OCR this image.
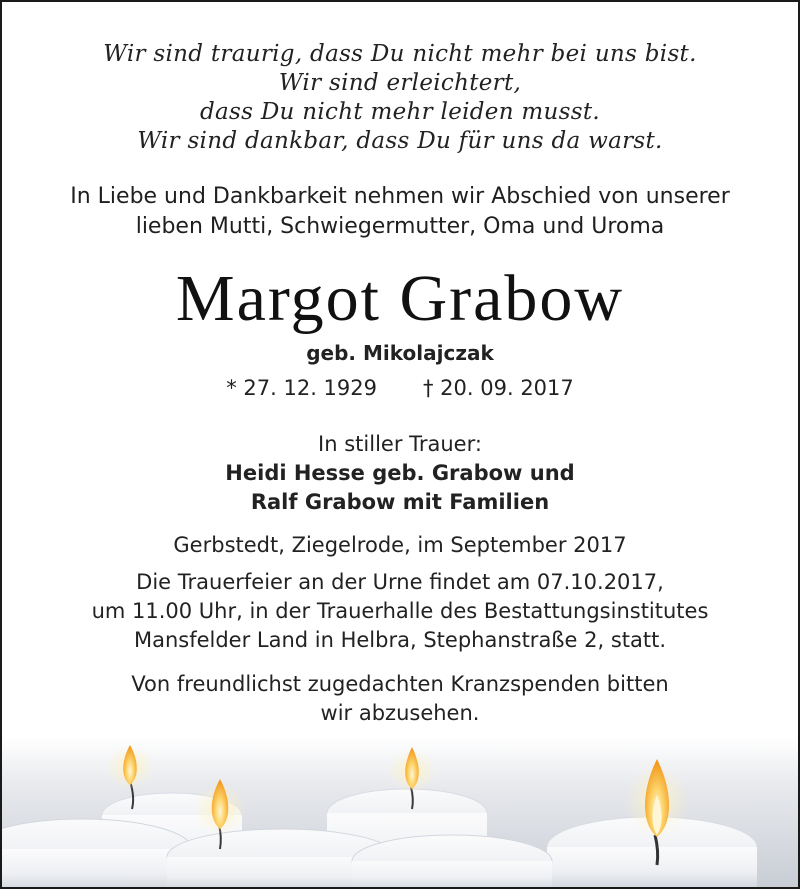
Wir sind traurig, dass Du nicht mehr bei uns bist.
Wir sind erleichtert,
dass Du nicht mehr leiden musst.
Wir sind dankbar, dass Du für uns da warst.
In Liebe und Dankbarkeit nehmen wir Abschied von unserer
lieben Mutti, Schwiegermutter, Oma und Uroma
Margot Grabow
geb. Mikolajczak
* 27. 12. 1929 † 20. 09. 2017
In stiller Trauer:
Heidi Hesse geb. Grabow und
Ralf Grabow mit Familien
Gerbstedt, Ziegelrode, im September 2017
Die Trauerfeier an der Urne findet am 07.10.2017,
um 11.00 Uhr, in der Trauerhalle des Bestattungsinstitutes
Mansfelder Land in Helbra, Stephanstraße 2, statt.
Von freundlichst zugedachten Kranzspenden bitten
wir abzusehen.
